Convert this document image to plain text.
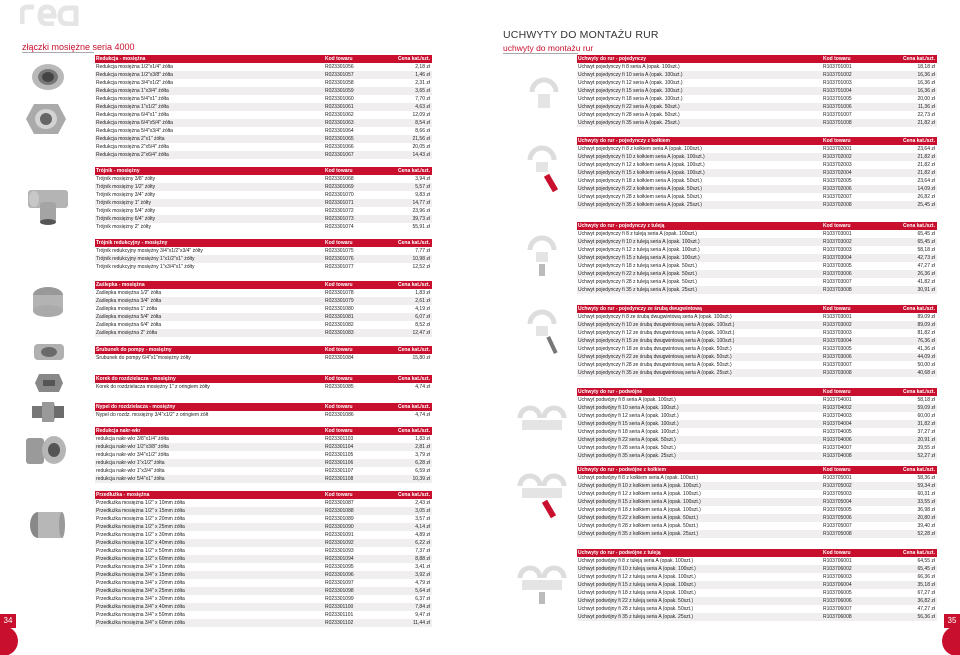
złączki mosiężne seria 4000
Redukcja - mosiężna	Kod towaru	Cena kat./szt.
Redukcja mosiężna 1/2"x1/4" żółta	R023301056	2,18 zł
Redukcja mosiężna 1/2"x3/8" żółta	R023301057	1,46 zł
Redukcja mosiężna 3/4"x1/2" żółta	R023301058	2,31 zł
Redukcja mosiężna 1"x3/4" żółta	R023301059	3,65 zł
Redukcja mosiężna 5/4"x1" żółta	R023301060	7,70 zł
Redukcja mosiężna 1"x1/2" żółta	R023301061	4,63 zł
Redukcja mosiężna 6/4"x1" żółta	R023301062	12,09 zł
Redukcja mosiężna 6/4"x5/4" żółta	R023301063	8,54 zł
Redukcja mosiężna 5/4"x3/4" żółta	R023301064	8,66 zł
Redukcja mosiężna 2"x1" żółta	R023301065	21,56 zł
Redukcja mosiężna 2"x5/4" żółta	R023301066	20,05 zł
Redukcja mosiężna 2"x6/4" żółta	R023301067	14,43 zł
Trójnik - mosiężny	Kod towaru	Cena kat./szt.
Trójnik mosiężny 3/8" żółty	R023301068	3,94 zł
Trójnik mosiężny 1/2" żółty	R023301069	5,57 zł
Trójnik mosiężny 3/4" żółty	R023301070	9,83 zł
Trójnik mosiężny 1" żółty	R023301071	14,77 zł
Trójnik mosiężny 5/4" żółty	R023301072	23,96 zł
Trójnik mosiężny 6/4" żółty	R023301073	39,73 zł
Trójnik mosiężny 2" żółty	R023301074	55,91 zł
Trójnik redukcyjny - mosiężny	Kod towaru	Cena kat./szt.
Trójnik redukcyjny mosiężny 3/4"x1/2"x3/4" żółty	R023301075	7,77 zł
Trójnik redukcyjny mosiężny 1"x1/2"x1" żółty	R023301076	10,98 zł
Trójnik redukcyjny mosiężny 1"x3/4"x1" żółty	R023301077	12,52 zł
Zaślepka - mosiężna	Kod towaru	Cena kat./szt.
Zaślepka mosiężna 1/2" żółta	R023301078	1,83 zł
Zaślepka mosiężna 3/4" żółta	R023301079	2,61 zł
Zaślepka mosiężna 1" żółta	R023301080	4,19 zł
Zaślepka mosiężna 5/4" żółta	R023301081	6,07 zł
Zaślepka mosiężna 6/4" żółta	R023301082	8,52 zł
Zaślepka mosiężna 2" żółta	R023301083	12,47 zł
Śrubunek do pompy - mosiężny	Kod towaru	Cena kat./szt.
Śrubunek do pompy 6/4"x1"mosiężny żółty	R023301084	15,80 zł
Korek do rozdzielacza - mosiężny	Kod towaru	Cena kat./szt.
Korek do rozdzielacza mosiężny 1" z oringiem żółty	R023301085	4,74 zł
Nypel do rozdzielacza - mosiężny	Kod towaru	Cena kat./szt.
Nypel do rozdz. mosiężny 3/4"x1/2" z oringiem żółt	R023301086	4,74 zł
Redukcja nakr-wkr	Kod towaru	Cena kat./szt.
redukcja nakr-wkr 3/8"x1/4" żółta	R023301103	1,83 zł
redukcja nakr-wkr 1/2"x3/8" żółta	R023301104	2,81 zł
redukcja nakr-wkr 3/4"x1/2" żółta	R023301105	3,79 zł
redukcja nakr-wkr 1"x1/2" żółta	R023301106	6,28 zł
redukcja nakr-wkr 1"x3/4" żółta	R023301107	6,59 zł
redukcja nakr-wkr 5/4"x1" żółta	R023301108	10,39 zł
Przedłużka - mosiężna	Kod towaru	Cena kat./szt.
Przedłużka mosiężna 1/2" x 10mm żółta	R023301087	2,43 zł
Przedłużka mosiężna 1/2" x 15mm żółta	R023301088	3,05 zł
Przedłużka mosiężna 1/2" x 20mm żółta	R023301089	3,57 zł
Przedłużka mosiężna 1/2" x 25mm żółta	R023301090	4,14 zł
Przedłużka mosiężna 1/2" x 30mm żółta	R023301091	4,89 zł
Przedłużka mosiężna 1/2" x 40mm żółta	R023301092	6,22 zł
Przedłużka mosiężna 1/2" x 50mm żółta	R023301093	7,37 zł
Przedłużka mosiężna 1/2" x 60mm żółta	R023301094	8,88 zł
Przedłużka mosiężna 3/4" x 10mm żółta	R023301095	3,41 zł
Przedłużka mosiężna 3/4" x 15mm żółta	R023301096	3,92 zł
Przedłużka mosiężna 3/4" x 20mm żółta	R023301097	4,79 zł
Przedłużka mosiężna 3/4" x 25mm żółta	R023301098	5,64 zł
Przedłużka mosiężna 3/4" x 30mm żółta	R023301099	6,37 zł
Przedłużka mosiężna 3/4" x 40mm żółta	R023301100	7,84 zł
Przedłużka mosiężna 3/4" x 50mm żółta	R023301101	9,47 zł
Przedłużka mosiężna 3/4" x 60mm żółta	R023301102	11,44 zł
34
UCHWYTY DO MONTAŻU RUR
uchwyty do montażu rur
Uchwyty do rur - pojedynczy	Kod towaru	Cena kat./szt.
Uchwyt pojedynczy fi 8 seria A (opak. 100szt.)	R103701001	18,18 zł
Uchwyt pojedynczy fi 10 seria A (opak. 100szt.)	R103701002	16,36 zł
Uchwyt pojedynczy fi 12 seria A (opak. 100szt.)	R103701003	16,36 zł
Uchwyt pojedynczy fi 15 seria A (opak. 100szt.)	R103701004	16,36 zł
Uchwyt pojedynczy fi 18 seria A (opak. 100szt.)	R103701005	20,00 zł
Uchwyt pojedynczy fi 22 seria A (opak. 50szt.)	R103701006	11,36 zł
Uchwyt pojedynczy fi 28 seria A (opak. 50szt.)	R103701007	22,73 zł
Uchwyt pojedynczy fi 35 seria A (opak. 25szt.)	R103701008	21,82 zł
Uchwyty do rur - pojedynczy z kołkiem	Kod towaru	Cena kat./szt.
Uchwyt pojedynczy fi 8 z kołkiem seria A (opak. 100szt.)	R103702001	23,64 zł
Uchwyt pojedynczy fi 10 z kołkiem seria A (opak. 100szt.)	R103702002	21,82 zł
Uchwyt pojedynczy fi 12 z kołkiem seria A (opak. 100szt.)	R103702003	21,82 zł
Uchwyt pojedynczy fi 15 z kołkiem seria A (opak. 100szt.)	R103702004	21,82 zł
Uchwyt pojedynczy fi 18 z kołkiem seria A (opak. 50szt.)	R103702005	23,64 zł
Uchwyt pojedynczy fi 22 z kołkiem seria A (opak. 50szt.)	R103702006	14,09 zł
Uchwyt pojedynczy fi 28 z kołkiem seria A (opak. 50szt.)	R103702007	26,82 zł
Uchwyt pojedynczy fi 35 z kołkiem seria A (opak. 25szt.)	R103702008	25,45 zł
Uchwyty do rur - pojedynczy z tuleją	Kod towaru	Cena kat./szt.
Uchwyt pojedynczy fi 8 z tuleją seria A (opak. 100szt.)	R103703001	65,45 zł
Uchwyt pojedynczy fi 10 z tuleją seria A (opak. 100szt.)	R103703002	65,45 zł
Uchwyt pojedynczy fi 12 z tuleją seria A (opak. 100szt.)	R103703003	58,18 zł
Uchwyt pojedynczy fi 15 z tuleją seria A (opak. 100szt.)	R103703004	42,73 zł
Uchwyt pojedynczy fi 18 z tuleją seria A (opak. 50szt.)	R103703005	47,27 zł
Uchwyt pojedynczy fi 22 z tuleją seria A (opak. 50szt.)	R103703006	26,36 zł
Uchwyt pojedynczy fi 28 z tuleją seria A (opak. 50szt.)	R103703007	41,82 zł
Uchwyt pojedynczy fi 35 z tuleją seria A (opak. 25szt.)	R103703008	30,91 zł
Uchwyty do rur - pojedynczy ze śrubą dwugwintową	Kod towaru	Cena kat./szt.
Uchwyt pojedynczy fi 8 ze śrubą dwugwintową seria A (opak. 100szt.)	R103703001	89,09 zł
Uchwyt pojedynczy fi 10 ze śrubą dwugwintową seria A (opak. 100szt.)	R103703002	89,09 zł
Uchwyt pojedynczy fi 12 ze śrubą dwugwintową seria A (opak. 100szt.)	R103703003	81,82 zł
Uchwyt pojedynczy fi 15 ze śrubą dwugwintową seria A (opak. 100szt.)	R103703004	76,36 zł
Uchwyt pojedynczy fi 18 ze śrubą dwugwintową seria A (opak. 50szt.)	R103703005	41,36 zł
Uchwyt pojedynczy fi 22 ze śrubą dwugwintową seria A (opak. 50szt.)	R103703006	44,09 zł
Uchwyt pojedynczy fi 28 ze śrubą dwugwintową seria A (opak. 50szt.)	R103703007	50,00 zł
Uchwyt pojedynczy fi 35 ze śrubą dwugwintową seria A (opak. 25szt.)	R103703008	40,68 zł
Uchwyty do rur - podwójne	Kod towaru	Cena kat./szt.
Uchwyt podwójny fi 8 seria A (opak. 100szt.)	R103704001	58,18 zł
Uchwyt podwójny fi 10 seria A (opak. 100szt.)	R103704002	59,09 zł
Uchwyt podwójny fi 12 seria A (opak. 100szt.)	R103704003	60,00 zł
Uchwyt podwójny fi 15 seria A (opak. 100szt.)	R103704004	31,82 zł
Uchwyt podwójny fi 18 seria A (opak. 100szt.)	R103704005	37,27 zł
Uchwyt podwójny fi 22 seria A (opak. 50szt.)	R103704006	20,91 zł
Uchwyt podwójny fi 28 seria A (opak. 50szt.)	R103704007	39,55 zł
Uchwyt podwójny fi 35 seria A (opak. 25szt.)	R103704008	52,27 zł
Uchwyty do rur - podwójne z kołkiem	Kod towaru	Cena kat./szt.
Uchwyt podwójny fi 8 z kołkiem seria A (opak. 100szt.)	R103705001	58,36 zł
Uchwyt podwójny fi 10 z kołkiem seria A (opak. 100szt.)	R103705002	59,34 zł
Uchwyt podwójny fi 12 z kołkiem seria A (opak. 100szt.)	R103705003	60,31 zł
Uchwyt podwójny fi 15 z kołkiem seria A (opak. 100szt.)	R103705004	33,55 zł
Uchwyt podwójny fi 18 z kołkiem seria A (opak. 100szt.)	R103705005	36,98 zł
Uchwyt podwójny fi 22 z kołkiem seria A (opak. 50szt.)	R103705006	20,80 zł
Uchwyt podwójny fi 28 z kołkiem seria A (opak. 50szt.)	R103705007	39,40 zł
Uchwyt podwójny fi 35 z kołkiem seria A (opak. 25szt.)	R103705008	52,28 zł
Uchwyty do rur - podwójne z tuleją	Kod towaru	Cena kat./szt.
Uchwyt podwójny fi 8 z tuleją seria A (opak. 100szt.)	R103706001	64,55 zł
Uchwyt podwójny fi 10 z tuleją seria A (opak. 100szt.)	R103706002	65,45 zł
Uchwyt podwójny fi 12 z tuleją seria A (opak. 100szt.)	R103706003	66,36 zł
Uchwyt podwójny fi 15 z tuleją seria A (opak. 100szt.)	R103706004	35,18 zł
Uchwyt podwójny fi 18 z tuleją seria A (opak. 100szt.)	R103706005	67,27 zł
Uchwyt podwójny fi 22 z tuleją seria A (opak. 50szt.)	R103706006	36,82 zł
Uchwyt podwójny fi 28 z tuleją seria A (opak. 50szt.)	R103706007	47,27 zł
Uchwyt podwójny fi 35 z tuleją seria A (opak. 25szt.)	R103706008	56,36 zł	35
